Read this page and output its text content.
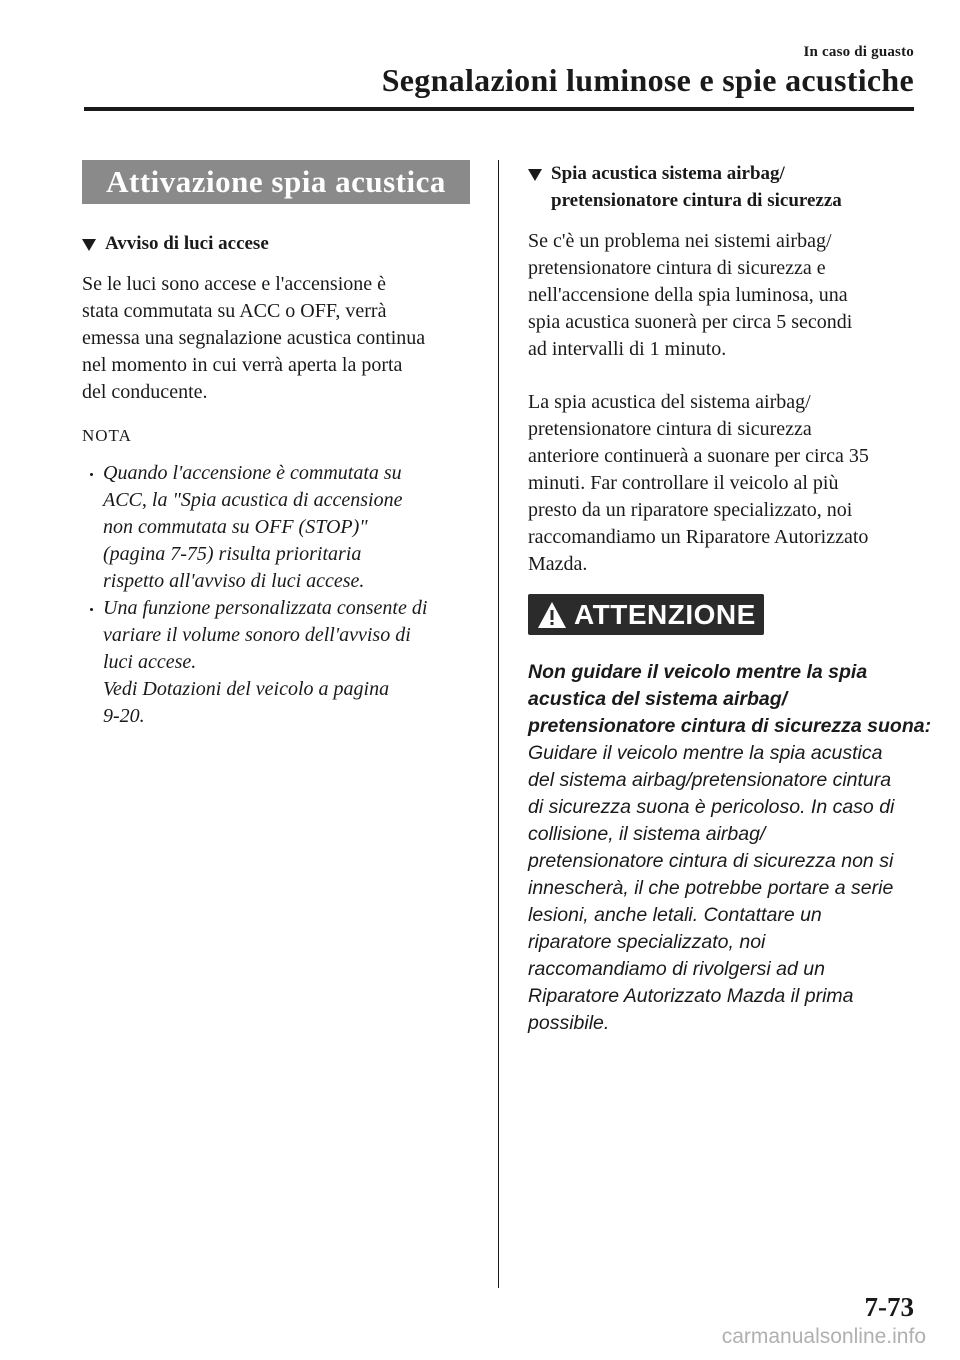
In caso di guasto
Segnalazioni luminose e spie acustiche
Attivazione spia acustica
Avviso di luci accese

Se le luci sono accese e l'accensione è
stata commutata su ACC o OFF, verrà
emessa una segnalazione acustica continua
nel momento in cui verrà aperta la porta
del conducente.

NOTA

Quando l'accensione è commutata su
ACC, la "Spia acustica di accensione
non commutata su OFF (STOP)"
(pagina 7-75) risulta prioritaria
rispetto all'avviso di luci accese.
Una funzione personalizzata consente di
variare il volume sonoro dell'avviso di
luci accese.
Vedi Dotazioni del veicolo a pagina
9-20.
Spia acustica sistema airbag/
pretensionatore cintura di sicurezza

Se c'è un problema nei sistemi airbag/
pretensionatore cintura di sicurezza e
nell'accensione della spia luminosa, una
spia acustica suonerà per circa 5 secondi
ad intervalli di 1 minuto.

La spia acustica del sistema airbag/
pretensionatore cintura di sicurezza
anteriore continuerà a suonare per circa 35
minuti. Far controllare il veicolo al più
presto da un riparatore specializzato, noi
raccomandiamo un Riparatore Autorizzato
Mazda.

ATTENZIONE

Non guidare il veicolo mentre la spia
acustica del sistema airbag/
pretensionatore cintura di sicurezza suona:
Guidare il veicolo mentre la spia acustica
del sistema airbag/pretensionatore cintura
di sicurezza suona è pericoloso. In caso di
collisione, il sistema airbag/
pretensionatore cintura di sicurezza non si
innescherà, il che potrebbe portare a serie
lesioni, anche letali. Contattare un
riparatore specializzato, noi
raccomandiamo di rivolgersi ad un
Riparatore Autorizzato Mazda il prima
possibile.

7-73
carmanualsonline.info
